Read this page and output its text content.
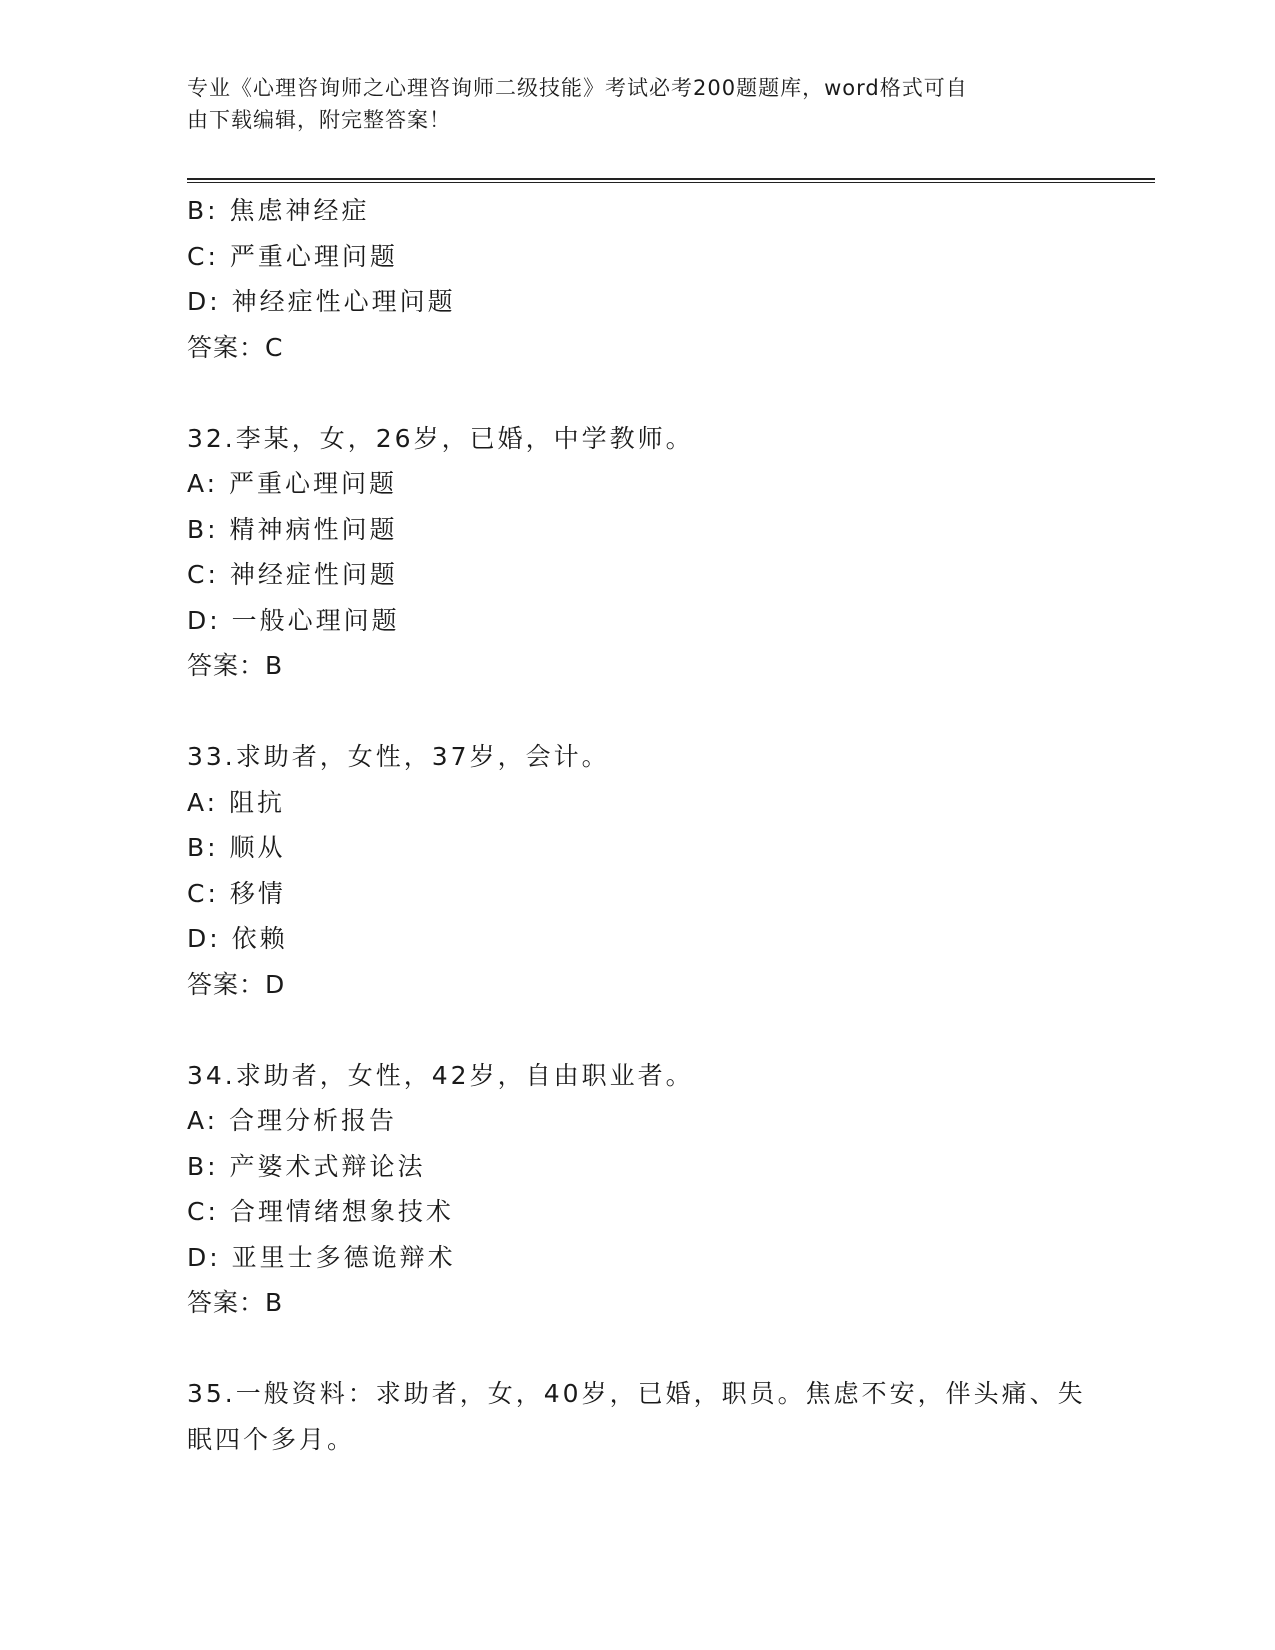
专业《心理咨询师之心理咨询师二级技能》考试必考200题题库，word格式可自
由下载编辑，附完整答案！
B: 焦虑神经症
C: 严重心理问题
D: 神经症性心理问题
答案：C
32.李某，女，26岁，已婚，中学教师。
A: 严重心理问题
B: 精神病性问题
C: 神经症性问题
D: 一般心理问题
答案：B
33.求助者，女性，37岁，会计。
A: 阻抗
B: 顺从
C: 移情
D: 依赖
答案：D
34.求助者，女性，42岁，自由职业者。
A: 合理分析报告
B: 产婆术式辩论法
C: 合理情绪想象技术
D: 亚里士多德诡辩术
答案：B
35.一般资料：求助者，女，40岁，已婚，职员。焦虑不安，伴头痛、失眠四个多月。
